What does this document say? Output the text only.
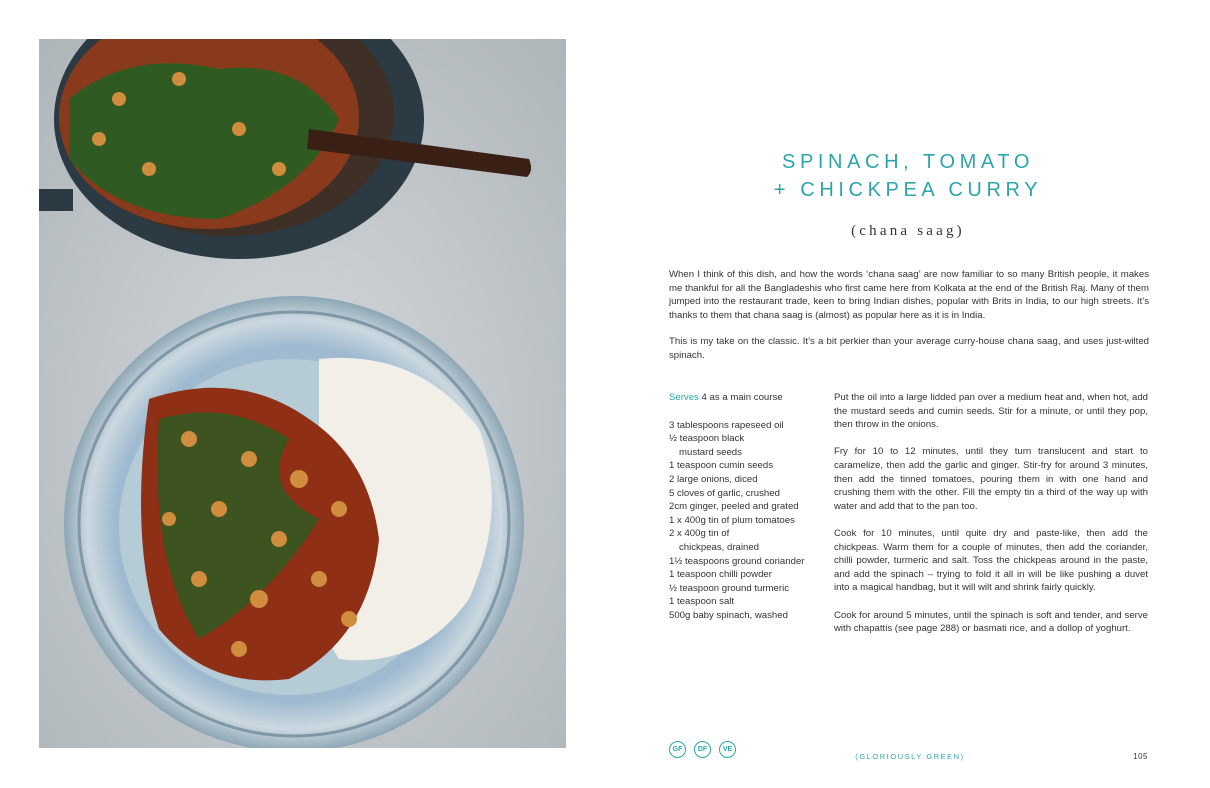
SPINACH, TOMATO
+ CHICKPEA CURRY
(chana saag)

When I think of this dish, and how the words ‘chana saag’ are now familiar to so many British people, it makes me thankful for all the Bangladeshis who first came here from Kolkata at the end of the British Raj. Many of them jumped into the restaurant trade, keen to bring Indian dishes, popular with Brits in India, to our high streets. It’s thanks to them that chana saag is (almost) as popular here as it is in India.

This is my take on the classic. It’s a bit perkier than your average curry-house chana saag, and uses just-wilted spinach.

Serves 4 as a main course
3 tablespoons rapeseed oil
½ teaspoon black
mustard seeds
1 teaspoon cumin seeds
2 large onions, diced
5 cloves of garlic, crushed
2cm ginger, peeled and grated
1 x 400g tin of plum tomatoes
2 x 400g tin of
chickpeas, drained
1½ teaspoons ground coriander
1 teaspoon chilli powder
½ teaspoon ground turmeric
1 teaspoon salt
500g baby spinach, washed

Put the oil into a large lidded pan over a medium heat and, when hot, add the mustard seeds and cumin seeds. Stir for a minute, or until they pop, then throw in the onions.

Fry for 10 to 12 minutes, until they turn translucent and start to caramelize, then add the garlic and ginger. Stir-fry for around 3 minutes, then add the tinned tomatoes, pouring them in with one hand and crushing them with the other. Fill the empty tin a third of the way up with water and add that to the pan too.

Cook for 10 minutes, until quite dry and paste-like, then add the chickpeas. Warm them for a couple of minutes, then add the coriander, chilli powder, turmeric and salt. Toss the chickpeas around in the paste, and add the spinach – trying to fold it all in will be like pushing a duvet into a magical handbag, but it will wilt and shrink fairly quickly.

Cook for around 5 minutes, until the spinach is soft and tender, and serve with chapattis (see page 288) or basmati rice, and a dollop of yoghurt.

GF	DF	VE
(GLORIOUSLY GREEN)	105
